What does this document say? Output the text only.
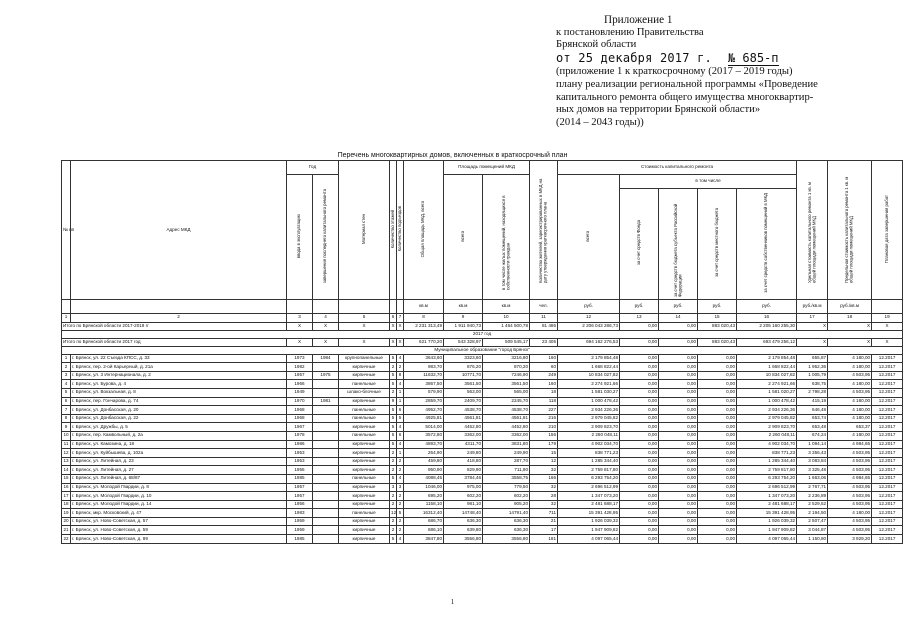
Приложение 1
к постановлению Правительства
Брянской области
от 25 декабря 2017 г. № 685-п
(приложение 1 к краткосрочному (2017 – 2019 годы)
плану реализации региональной программы «Проведение
капитального ремонта общего имущества многоквартир-
ных домов на территории Брянской области»
(2014 – 2043 годы))
Перечень многоквартирных домов, включенных в краткосрочный план
№ пп	Адрес МКД	Год		Материал стен	Количество этажей	Количество подъездов	Общая площадь МКД, всего	Площадь помещений МКД		Количество жителей, зарегистрированных в МКД на дату утверждения краткосрочного плана	Стоимость капитального ремонта					Удельная стоимость капитального ремонта 1 кв. м общей площади помещений МКД	Предельная стоимость капитального ремонта 1 кв. м общей площади помещений МКД	Плановая дата завершения работ
		ввода в эксплуатацию	завершения последнего капитального ремонта					всего	в том числе жилых помещений, находящихся в собственности граждан		всего	в том числе						
												за счет средств Фонда	за счет средств бюджета субъекта Российской Федерации	за счет средств местного бюджета	за счет средств собственников помещений в МКД			
							кв.м	кв.м	кв.м	чел.	руб.	руб.	руб.	руб.	руб.	руб./кв.м	руб./кв.м	
1	2	3	4	5	6	7	8	9	10	11	12	13	14	15	16	17	18	19
Итого по Брянской области 2017-2019 гг		X	X	X	X	X	2 231 313,49	1 911 940,73	1 464 500,78	81 486	2 206 043 286,73	0,00	0,00	883 020,43	2 205 160 255,30	X	X	X
2017 год																		
Итого по Брянской области 2017 год		X	X	X	X	X	621 770,20	543 328,97	509 545,17	23 405	694 162 276,53	0,00	0,00	883 020,43	693 479 256,12	X	X	X
Муниципальное образование "город Брянск"																		
1	г. Брянск, ул. 22 Съезда КПСС, д. 33	1973	1984	крупнопанельные	5	4	3643,60	3323,60	3216,80	160	2 179 854,48	0,00	0,00	0,00	2 179 854,48	655,87	4 180,00	12.2017
2	г. Брянск, пер. 2-ой Карьерный, д. 21а	1982		кирпичные	2	2	983,70	876,20	870,20	60	1 668 822,44	0,00	0,00	0,00	1 668 822,44	1 952,36	4 180,00	12.2017
3	г. Брянск, ул. 3 Интернационала, д. 2	1957	1975	кирпичные	5	8	11632,70	10771,70	7246,90	249	10 834 027,82	0,00	0,00	0,00	10 834 027,82	1 005,79	4 503,95	12.2017
4	г. Брянск, ул. Бурова, д. 4	1966		панельные	5	4	3867,50	3561,50	3561,50	160	2 274 921,66	0,00	0,00	0,00	2 274 921,66	638,75	4 180,00	12.2017
5	г. Брянск, ул. Вокзальная, д. 8	1949		шлако-блочные	2	1	579,90	563,00	565,00	18	1 581 030,27	0,00	0,00	0,00	1 581 020,27	2 798,28	4 503,95	12.2017
6	г. Брянск, пер. Гончарова, д. 74	1970	1981	кирпичные	9	1	2859,70	2409,70	2245,70	118	1 000 478,42	0,00	0,00	0,00	1 000 478,42	415,19	4 180,00	12.2017
7	г. Брянск, ул. Донбасская, д. 20	1968		панельные	5	6	4952,70	4538,70	4538,70	227	2 934 226,36	0,00	0,00	0,00	2 934 226,36	646,48	4 180,00	12.2017
8	г. Брянск, ул. Донбасская, д. 22	1968		панельные	5	5	4925,81	4561,81	4561,81	216	2 979 045,82	0,00	0,00	0,00	2 979 045,82	653,74	4 180,00	12.2017
9	г. Брянск, ул. Дружбы, д. 5	1967		кирпичные	5	4	5014,00	4452,80	4452,80	210	2 909 823,70	0,00	0,00	0,00	2 909 823,70	653,48	653,37	12.2017
10	г. Брянск, пер. Камвольный, д. 2а	1978		панельные	5	6	3572,80	3362,00	3362,00	156	2 260 048,11	0,00	0,00	0,00	2 260 048,11	674,24	4 180,00	12.2017
11	г. Брянск, ул. Камозина, д. 18	1986		кирпичные	5	4	4893,70	4311,70	3831,80	179	4 902 034,70	0,00	0,00	0,00	4 902 034,70	1 094,14	4 984,65	12.2017
12	г. Брянск, ул. Куйбышева, д. 102а	1953		кирпичные	2	1	264,90	249,80	249,90	15	838 771,23	0,00	0,00	0,00	838 771,23	3 356,43	4 503,95	12.2017
13	г. Брянск, ул. Литейная, д. 23	1953		кирпичные	2	2	459,80	418,80	287,70	12	1 285 344,40	0,00	0,00	0,00	1 285 344,40	3 083,84	4 503,95	12.2017
14	г. Брянск, ул. Литейная, д. 27	1955		кирпичные	2	2	950,90	829,90	711,90	32	2 759 817,80	0,00	0,00	0,00	2 759 817,80	3 325,48	4 503,95	12.2017
15	г. Брянск, ул. Литейная, д. 68/87	1985		панельные	5	4	4088,45	3784,46	3558,75	166	6 293 754,20	0,00	0,00	0,00	6 293 754,20	1 663,06	4 984,65	12.2017
16	г. Брянск, ул. Молодой Гвардии, д. 8	1957		кирпичные	3	3	1046,00	975,00	779,50	32	2 696 512,99	0,00	0,00	0,00	2 696 512,99	2 767,71	4 503,95	12.2017
17	г. Брянск, ул. Молодой Гвардии, д. 10	1957		кирпичные	2	2	695,20	602,20	602,20	28	1 347 073,20	0,00	0,00	0,00	1 347 073,20	2 236,89	4 503,95	12.2017
18	г. Брянск, ул. Молодой Гвардии, д. 14	1956		кирпичные	2	2	1158,10	981,10	905,20	32	2 481 688,17	0,00	0,00	0,00	2 481 688,17	2 529,52	4 503,95	12.2017
19	г. Брянск, мкр. Московский, д. 47	1983		панельные	12	5	16312,40	14748,40	14791,40	711	15 391 428,95	0,00	0,00	0,00	15 391 428,95	2 194,50	4 180,00	12.2017
20	г. Брянск, ул. Ново-Советская, д. 57	1959		кирпичные	2	2	686,70	636,30	636,30	21	1 926 039,32	0,00	0,00	0,00	1 926 039,32	2 507,47	4 503,95	12.2017
21	г. Брянск, ул. Ново-Советская, д. 59	1959		кирпичные	2	2	686,10	639,80	636,30	17	1 947 909,82	0,00	0,00	0,00	1 947 909,82	3 044,87	4 503,95	12.2017
22	г. Брянск, ул. Ново-Советская, д. 89	1985		кирпичные	5	4	3847,80	3556,80	3556,80	181	4 097 065,44	0,00	0,00	0,00	4 097 065,44	1 150,80	3 929,20	12.2017
1
